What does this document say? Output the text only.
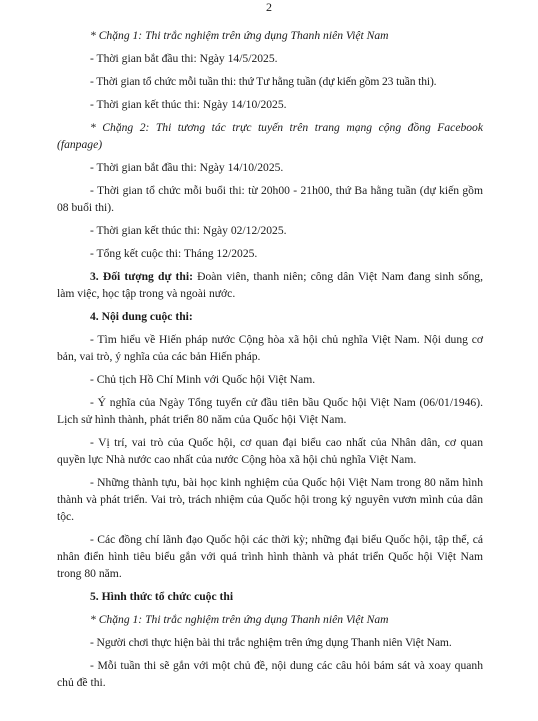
2

* Chặng 1: Thi trắc nghiệm trên ứng dụng Thanh niên Việt Nam

- Thời gian bắt đầu thi: Ngày 14/5/2025.

- Thời gian tổ chức mỗi tuần thi: thứ Tư hằng tuần (dự kiến gồm 23 tuần thi).

- Thời gian kết thúc thi: Ngày 14/10/2025.

* Chặng 2: Thi tương tác trực tuyến trên trang mạng cộng đồng Facebook (fanpage)

- Thời gian bắt đầu thi: Ngày 14/10/2025.

- Thời gian tổ chức mỗi buổi thi: từ 20h00 - 21h00, thứ Ba hằng tuần (dự kiến gồm 08 buổi thi).

- Thời gian kết thúc thi: Ngày 02/12/2025.

- Tổng kết cuộc thi: Tháng 12/2025.

3. Đối tượng dự thi: Đoàn viên, thanh niên; công dân Việt Nam đang sinh sống, làm việc, học tập trong và ngoài nước.

4. Nội dung cuộc thi:

- Tìm hiểu về Hiến pháp nước Cộng hòa xã hội chủ nghĩa Việt Nam. Nội dung cơ bản, vai trò, ý nghĩa của các bản Hiến pháp.

- Chủ tịch Hồ Chí Minh với Quốc hội Việt Nam.

- Ý nghĩa của Ngày Tổng tuyển cử đầu tiên bầu Quốc hội Việt Nam (06/01/1946). Lịch sử hình thành, phát triển 80 năm của Quốc hội Việt Nam.

- Vị trí, vai trò của Quốc hội, cơ quan đại biểu cao nhất của Nhân dân, cơ quan quyền lực Nhà nước cao nhất của nước Cộng hòa xã hội chủ nghĩa Việt Nam.

- Những thành tựu, bài học kinh nghiệm của Quốc hội Việt Nam trong 80 năm hình thành và phát triển. Vai trò, trách nhiệm của Quốc hội trong kỷ nguyên vươn mình của dân tộc.

- Các đồng chí lãnh đạo Quốc hội các thời kỳ; những đại biểu Quốc hội, tập thể, cá nhân điển hình tiêu biểu gắn với quá trình hình thành và phát triển Quốc hội Việt Nam trong 80 năm.

5. Hình thức tổ chức cuộc thi

* Chặng 1: Thi trắc nghiệm trên ứng dụng Thanh niên Việt Nam

- Người chơi thực hiện bài thi trắc nghiệm trên ứng dụng Thanh niên Việt Nam.

- Mỗi tuần thi sẽ gắn với một chủ đề, nội dung các câu hỏi bám sát và xoay quanh chủ đề thi.
